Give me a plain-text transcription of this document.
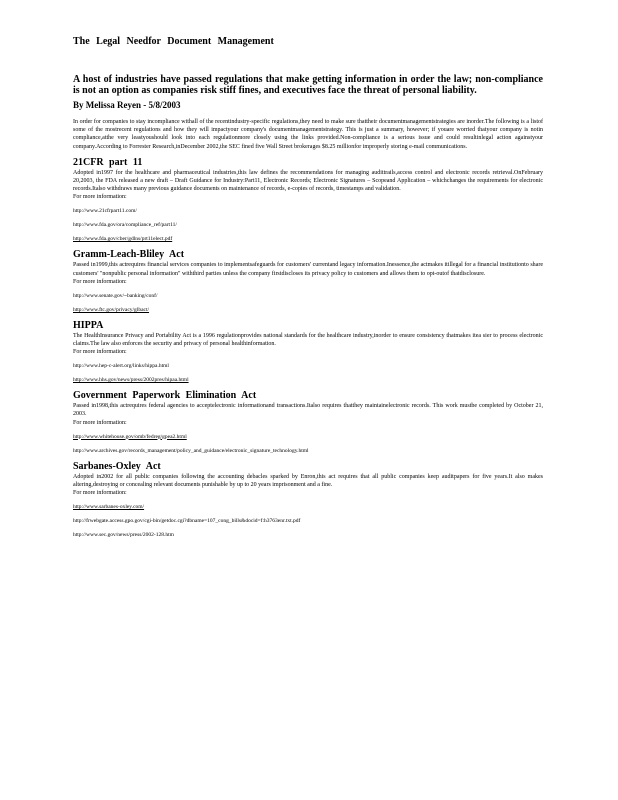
The Legal Needfor Document Management
A host of industries have passed regulations that make getting information in order the law; non-compliance is not an option as companies risk stiff fines, and executives face the threat of personal liability.
By Melissa Reyen - 5/8/2003

In order for companies to stay incompliance withall of the recentindustry-specific regulations,they need to make sure thattheir documentmanagementstrategies are inorder.The following is a listof some of the mostrecent regulations and how they will impactyour company's documentmanagementstrategy. This is just a summary, however; if youare worried thatyour company is notin compliance,atthe very leastyoushould look into each regulationmore closely using the links provided.Non-compliance is a serious issue and could resultinlegal action againstyour company.According to Forrester Research,inDecember 2002,the SEC fined five Wall Street brokerages $8.25 millionfor improperly storing e-mail communications.

21CFR part 11

Adopted in1997 for the healthcare and pharmaceutical industries,this law defines the recommendations for managing audittrails,access control and electronic records retrieval.OnFebruary 20,2003, the FDA released a new draft – Draft Guidance for Industry:Part11, Electronic Records; Electronic Signatures – Scopeand Application – whichchanges the requirements for electronic records.Italso withdraws many previous guidance documents on maintenance of records, e-copies of records, timestamps and validation.

For more information:
http://www.21cfrpart11.com/
http://www.fda.gov/ora/compliance_ref/part11/
http://www.fda.gov/cber/gdlns/prt11elect.pdf
Gramm-Leach-Bliley Act

Passed in1999,this actrequires financial services companies to implementsafeguards for customers' currentand legacy information.Inessence,the actmakes itillegal for a financial institutionto share customers' "nonpublic personal information" withthird parties unless the company firstdiscloses its privacy policy to customers and allows them to opt-outof thatdisclosure.

For more information:
http://www.senate.gov/~banking/conf/
http://www.ftc.gov/privacy/glbact/
HIPPA

The HealthInsurance Privacy and Portability Act is a 1996 regulationprovides national standards for the healthcare industry,inorder to ensure consistency thatmakes itea sier to process electronic claims.The law also enforces the security and privacy of personal healthinformation.

For more information:
http://www.hep-c-alert.org/links/hippa.html
http://www.hhs.gov/news/press/2002pres/hipaa.html
Government Paperwork Elimination Act

Passed in1998,this actrequires federal agencies to acceptelectronic informationand transactions.Italso requires thatthey maintainelectronic records. This work mustbe completed by October 21, 2003.

For more information:
http://www.whitehouse.gov/omb/fedreg/gpea2.html
http://www.archives.gov/records_management/policy_and_guidance/electronic_signature_technology.html
Sarbanes-Oxley Act

Adopted in2002 for all public companies following the accounting debacles sparked by Enron,this act requires that all public companies keep auditpapers for five years.It also makes altering,destroying or concealing relevant documents punishable by up to 20 years imprisonment and a fine.

For more information:
http://www.sarbanes-oxley.com/
http://frwebgate.access.gpo.gov/cgi-bin/getdoc.cgi?dbname=107_cong_bills&docid=f:h3763enr.txt.pdf
http://www.sec.gov/news/press/2002-128.htm
